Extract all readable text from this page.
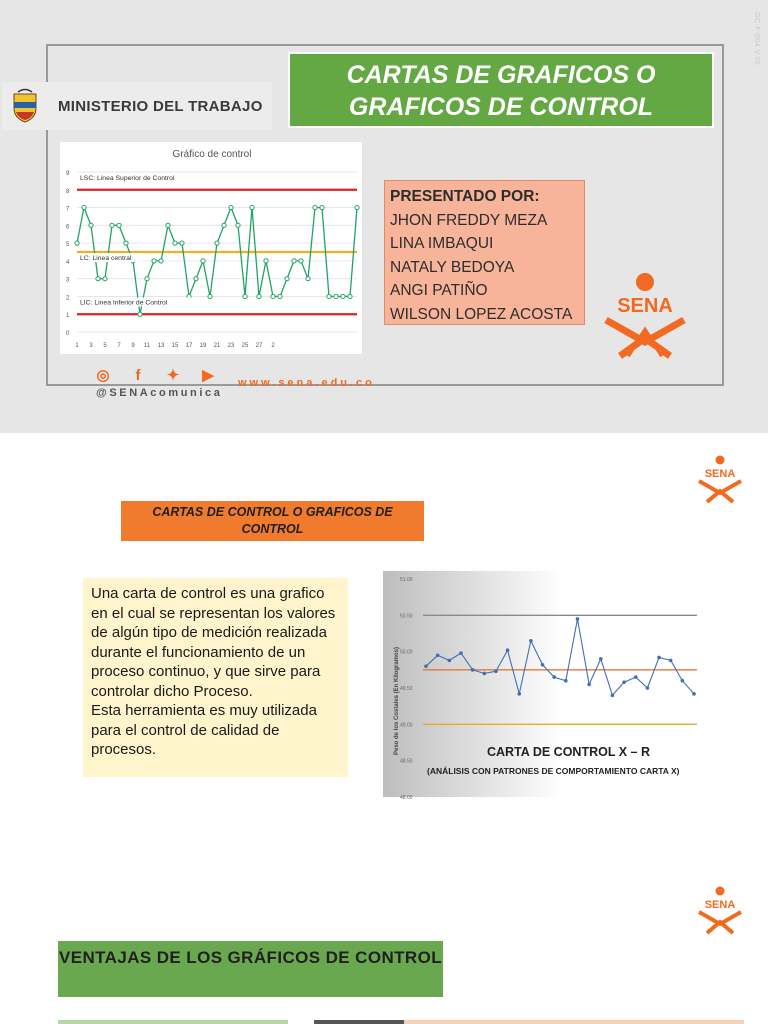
GC-F-004 V.05
MINISTERIO DEL TRABAJO
CARTAS DE GRAFICOS O
GRAFICOS DE CONTROL
Gráfico de control
0
1
2
3
4
5
6
7
8
9
LSC: Linea Superior de Control
LC: Linea central
LIC: Linea Inferior de Control
1 3 5 7 9 11 13 15 17 19 21 23 25 27 2
PRESENTADO POR:
JHON FREDDY MEZA
LINA IMBAQUI
NATALY BEDOYA
ANGI PATIÑO
WILSON LOPEZ ACOSTA	SENA
◎	f	✦ ▶
@SENAcomunica
www.sena.edu.co
SENA
CARTAS DE CONTROL O GRAFICOS DE CONTROL
Una carta de control es una grafico en el cual se representan los valores de algún tipo de medición realizada durante el funcionamiento de un proceso continuo, y que sirve para controlar dicho Proceso.
Esta herramienta es muy utilizada para el control de calidad de procesos.	CARTA DE CONTROL X – R
(ANÁLISIS CON PATRONES DE COMPORTAMIENTO CARTA X)
Peso de los Costales (En Kilogramos)
51.00
50.50
50.00
49.50
49.00
48.50
48.00
SENA
VENTAJAS DE LOS GRÁFICOS DE CONTROL
